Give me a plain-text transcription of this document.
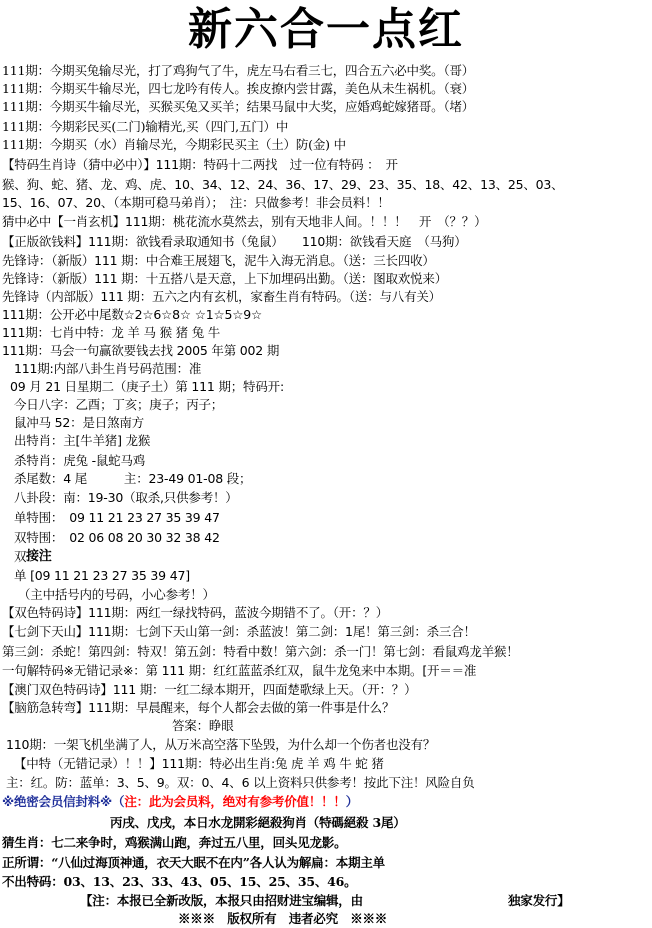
新六合一点红
111期：今期买兔输尽光，打了鸡狗气了牛，虎左马右看三七，四合五六必中奖。（哥）
111期：今期买牛输尽光，四七龙吟有传人。挨皮撩内尝甘露，美色从未生祸机。（衰）
111期：今期买牛输尽光，买猴买兔又买羊；结果马鼠中大奖，应婚鸡蛇嫁猪哥。（堵）
111期：今期彩民买(二门)输精光,买（四门,五门）中
111期：今期买（水）肖输尽光，今期彩民买主（土）防(金) 中
【特码生肖诗（猜中必中）】111期：特码十二两找　过一位有特码 ：　开
猴、狗、蛇、猪、龙、鸡、虎、10、34、12、24、36、17、29、23、35、18、42、13、25、03、
15、16、07、20、（本期可稳马弟肖）；　注：只做参考！非会员料！！
猜中必中【一肖玄机】111期：桃花流水莫然去，别有天地非人间。！！！　开　（？？）
【正版欲钱料】111期：欲钱看录取通知书（兔鼠）　　110期：欲钱看天庭　（马狗）
先锋诗：（新版）111 期：中合难王展翅飞，泥牛入海无消息。（送：三长四收）
先锋诗：（新版）111 期：十五搭八是天意，上下加埋码出勤。（送：图取欢悦来）
先锋诗（内部版）111 期：五六之内有玄机，家畜生肖有特码。（送：与八有关）
111期：公开必中尾数☆2☆6☆8☆ ☆1☆5☆9☆
111期：七肖中特：龙 羊 马 猴 猪 兔 牛
111期：马会一句赢欲要钱去找 2005 年第 002 期
111期:内部八卦生肖号码范围：准
09 月 21 日星期二（庚子土）第 111 期；特码开:
今日八字：乙酉；丁亥；庚子；丙子；
鼠冲马 52：是日煞南方
出特肖：主[牛羊猪] 龙猴
杀特肖：虎兔 -鼠蛇马鸡
杀尾数：4 尾　　　主：23-49 01-08 段；
八卦段：南：19-30（取杀,只供参考！）
单特围：　09 11 21 23 27 35 39 47
双特围：　02 06 08 20 30 32 38 42
双 接注
单 [09 11 21 23 27 35 39 47]
（主中括号内的号码，小心参考！）
【双色特码诗】111期：两红一绿找特码，蓝波今期错不了。（开：？）
【七剑下天山】111期：七剑下天山第一剑：杀蓝波！第二剑：1尾！第三剑：杀三合！
第三剑：杀蛇！第四剑：特双！第五剑：特看中数！第六剑：杀一门！第七剑：看鼠鸡龙羊猴！
一句解特码※无错记录※：第 111 期：红红蓝蓝杀红双，鼠牛龙兔来中本期。[开＝＝准
【澳门双色特码诗】111 期：一红二绿本期开，四面楚歌绿上天。（开：？）
【脑筋急转弯】111期：早晨醒来，每个人都会去做的第一件事是什么？
答案：睁眼
110期：一架飞机坐满了人，从万米高空落下坠毁，为什么却一个伤者也没有？
【中特（无错记录）！！】111期：特必出生肖:兔 虎 羊 鸡 牛 蛇 猪
主：红。防：蓝单：3、5、9。双：0、4、6 以上资料只供参考！按此下注！风险自负
※绝密会员信封料※（注：此为会员料，绝对有参考价值！！！）
丙戌、戊戌，本日水龙開彩絕殺狗肖（特碼絕殺 3尾）
猜生肖：七二来争时，鸡猴满山跑，奔过五八里，回头见龙影。
正所谓：“八仙过海顶神通，衣天大眠不在内”各人认为解扁：本期主单
不出特码：03、13、23、33、43、05、15、25、35、46。
【注：本报已全新改版，本报只由招财进宝编辑，由	独家发行】
※※※　版权所有　违者必究　※※※
